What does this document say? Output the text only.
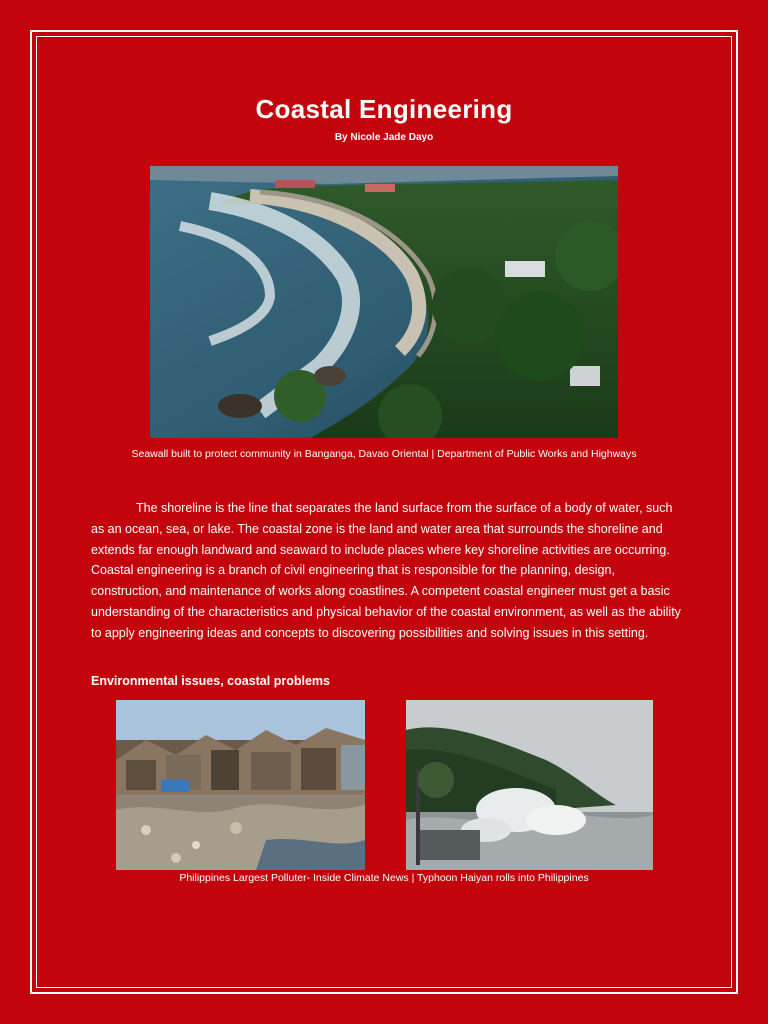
Coastal Engineering
By Nicole Jade Dayo
Seawall built to protect community in Banganga, Davao Oriental | Department of Public Works and Highways

The shoreline is the line that separates the land surface from the surface of a body of water, such as an ocean, sea, or lake. The coastal zone is the land and water area that surrounds the shoreline and extends far enough landward and seaward to include places where key shoreline activities are occurring. Coastal engineering is a branch of civil engineering that is responsible for the planning, design, construction, and maintenance of works along coastlines. A competent coastal engineer must get a basic understanding of the characteristics and physical behavior of the coastal environment, as well as the ability to apply engineering ideas and concepts to discovering possibilities and solving issues in this setting.

Environmental issues, coastal problems
Philippines Largest Polluter- Inside Climate News | Typhoon Haiyan rolls into Philippines
